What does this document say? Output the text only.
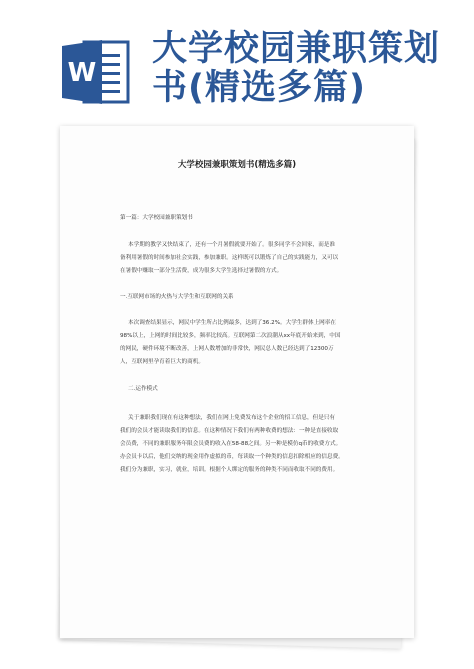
W
大学校园兼职策划
书(精选多篇)
大学校园兼职策划书(精选多篇)
第一篇：大学校园兼职策划书
本学期的教学又快结束了，还有一个月暑假就要开始了。很多同学不会回家，而是准
备利用暑假的时间参加社会实践，参加兼职。这样既可以锻炼了自己的实践能力，又可以
在暑假中赚取一部分生活费，成为很多大学生选择过暑假的方式。
一.互联网市场的火热与大学生和互联网的关系
本次调查结果显示，网民中学生所占比例最多，达到了36.2%。大学生群体上网率在
98%以上，上网的时间比较多，频率比较高。互联网第二次浪潮从xx年底开始来到，中国
的网民，硬件环境不断改善，上网人数增加的非常快，网民总人数已经达到了12300万
人，互联网里孕育着巨大的商机。
二.运作模式
关于兼职我们现在有这种想法，我们在网上免费发布这个企业的招工信息，但是只有
我们的会员才能读取我们的信息。在这种情况下我们有两种收费的想法：一种是直接收取
会员费，不同的兼职服务年限会员费的收入在58-88之间。另一种是模仿q币的收费方式。
办会员卡以后，他们交纳的现金用作虚拟的币，每读取一个种类的信息扣除相应的信息费。
我们分为兼职，实习，就业，培训。根据个人绑定的服务的种类不同而收取不同的费用。
